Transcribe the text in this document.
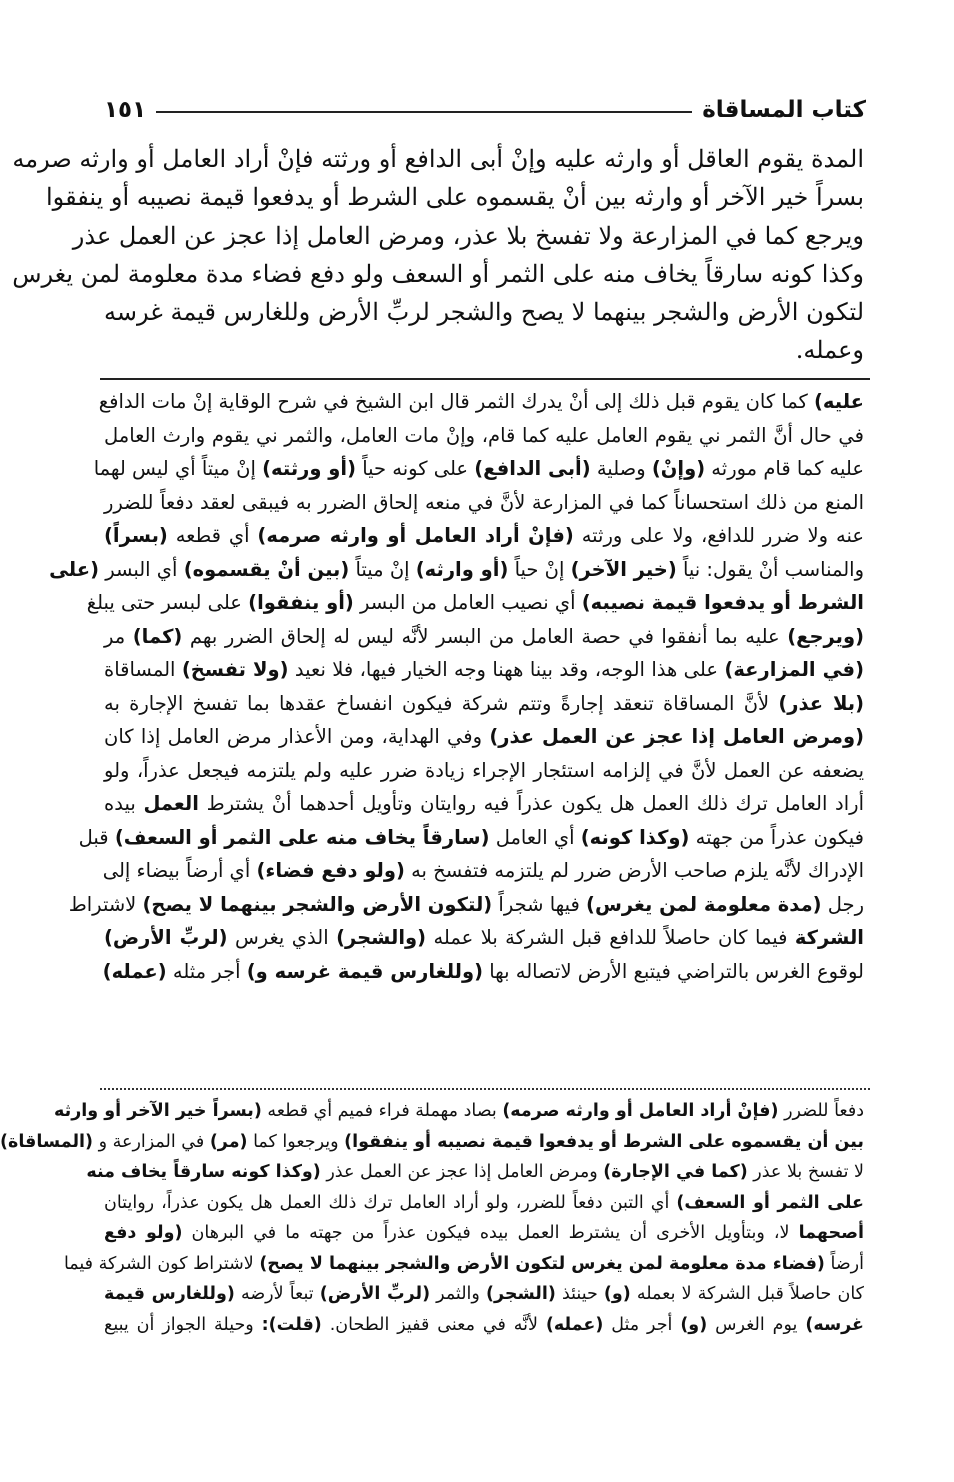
كتاب المساقاة
١٥١
المدة يقوم العاقل أو وارثه عليه وإنْ أبى الدافع أو ورثته فإنْ أراد العامل أو وارثه صرمه
بسراً خير الآخر أو وارثه بين أنْ يقسموه على الشرط أو يدفعوا قيمة نصيبه أو ينفقوا
ويرجع كما في المزارعة ولا تفسخ بلا عذر، ومرض العامل إذا عجز عن العمل عذر
وكذا كونه سارقاً يخاف منه على الثمر أو السعف ولو دفع فضاء مدة معلومة لمن يغرس
لتكون الأرض والشجر بينهما لا يصح والشجر لربِّ الأرض وللغارس قيمة غرسه
وعمله.
عليه) كما كان يقوم قبل ذلك إلى أنْ يدرك الثمر قال ابن الشيخ في شرح الوقاية إنْ مات الدافع
في حال أنَّ الثمر ني يقوم العامل عليه كما قام، وإنْ مات العامل، والثمر ني يقوم وارث العامل
عليه كما قام مورثه (وإنْ) وصلية (أبى الدافع) على كونه حياً (أو ورثته) إنْ ميتاً أي ليس لهما
المنع من ذلك استحساناً كما في المزارعة لأنَّ في منعه إلحاق الضرر به فيبقى لعقد دفعاً للضرر
عنه ولا ضرر للدافع، ولا على ورثته (فإنْ أراد العامل أو وارثه صرمه) أي قطعه (بسراً)
والمناسب أنْ يقول: نياً (خير الآخر) إنْ حياً (أو وارثه) إنْ ميتاً (بين أنْ يقسموه) أي البسر (على
الشرط أو يدفعوا قيمة نصيبه) أي نصيب العامل من البسر (أو ينفقوا) على لبسر حتى يبلغ
(ويرجع) عليه بما أنفقوا في حصة العامل من البسر لأنَّه ليس له إلحاق الضرر بهم (كما) مر
(في المزارعة) على هذا الوجه، وقد بينا ههنا وجه الخيار فيها، فلا نعيد (ولا تفسخ) المساقاة
(بلا عذر) لأنَّ المساقاة تنعقد إجارةً وتتم شركة فيكون انفساخ عقدها بما تفسخ الإجارة به
(ومرض العامل إذا عجز عن العمل عذر) وفي الهداية، ومن الأعذار مرض العامل إذا كان
يضعفه عن العمل لأنَّ في إلزامه استئجار الإجراء زيادة ضرر عليه ولم يلتزمه فيجعل عذراً، ولو
أراد العامل ترك ذلك العمل هل يكون عذراً فيه روايتان وتأويل أحدهما أنْ يشترط العمل بيده
فيكون عذراً من جهته (وكذا كونه) أي العامل (سارقاً يخاف منه على الثمر أو السعف) قبل
الإدراك لأنَّه يلزم صاحب الأرض ضرر لم يلتزمه فتفسخ به (ولو دفع فضاء) أي أرضاً بيضاء إلى
رجل (مدة معلومة لمن يغرس) فيها شجراً (لتكون الأرض والشجر بينهما لا يصح) لاشتراط
الشركة فيما كان حاصلاً للدافع قبل الشركة بلا عمله (والشجر) الذي يغرس (لربِّ الأرض)
لوقوع الغرس بالتراضي فيتبع الأرض لاتصاله بها (وللغارس قيمة غرسه و) أجر مثله (عمله)
دفعاً للضرر (فإنْ أراد العامل أو وارثه صرمه) بصاد مهملة فراء فميم أي قطعه (بسراً خير الآخر أو وارثه
بين أن يقسموه على الشرط أو يدفعوا قيمة نصيبه أو ينفقوا) ويرجعوا كما (مر) في المزارعة و (المساقاة)
لا تفسخ بلا عذر (كما في الإجارة) ومرض العامل إذا عجز عن العمل عذر (وكذا كونه سارقاً يخاف منه
على الثمر أو السعف) أي التبن دفعاً للضرر، ولو أراد العامل ترك ذلك العمل هل يكون عذراً، روايتان
أصحهما لا، وبتأويل الأخرى أن يشترط العمل بيده فيكون عذراً من جهته ما في البرهان (ولو دفع
أرضاً (فضاء مدة معلومة لمن يغرس لتكون الأرض والشجر بينهما لا يصح) لاشتراط كون الشركة فيما
كان حاصلاً قبل الشركة لا بعمله (و) حينئذ (الشجر) والثمر (لربِّ الأرض) تبعاً لأرضه (وللغارس قيمة
غرسه) يوم الغرس (و) أجر مثل (عمله) لأنَّه في معنى قفيز الطحان. (قلت): وحيلة الجواز أن يبيع
